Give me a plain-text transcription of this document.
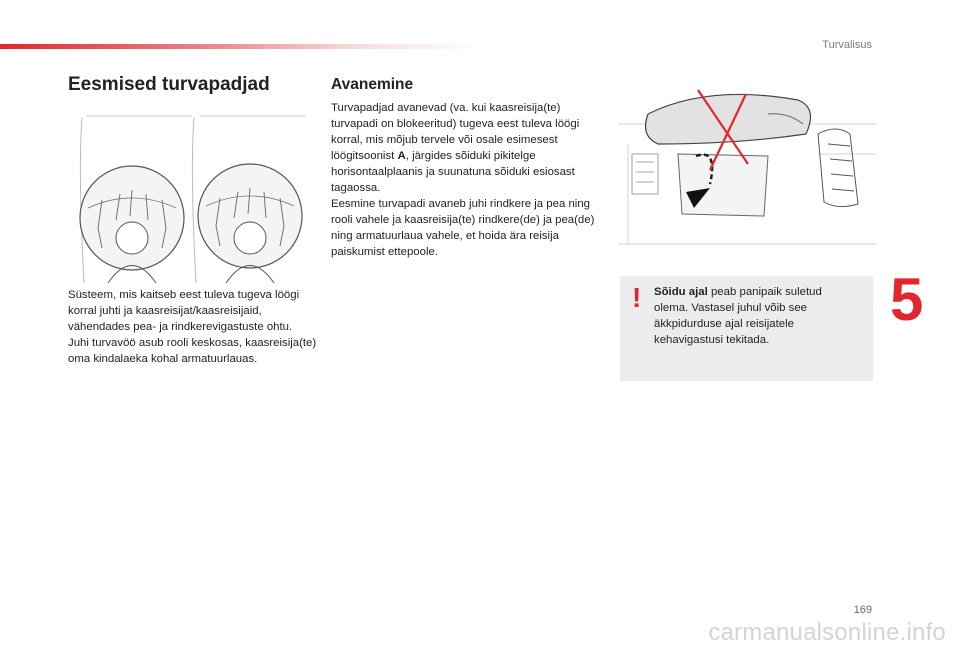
Turvalisus
Eesmised turvapadjad
Süsteem, mis kaitseb eest tuleva tugeva löögi korral juhti ja kaasreisijat/kaasreisijaid, vähendades pea- ja rindkerevigastuste ohtu.
Juhi turvavöö asub rooli keskosas, kaasreisija(te) oma kindalaeka kohal armatuurlauas.
Avanemine

Turvapadjad avanevad (va. kui kaasreisija(te) turvapadi on blokeeritud) tugeva eest tuleva löögi korral, mis mõjub tervele või osale esimesest löögitsoonist A, järgides sõiduki pikitelge horisontaalplaanis ja suunatuna sõiduki esiosast tagaossa.

Eesmine turvapadi avaneb juhi rindkere ja pea ning rooli vahele ja kaasreisija(te) rindkere(de) ja pea(de) ning armatuurlaua vahele, et hoida ära reisija paiskumist ettepoole.

! Sõidu ajal peab panipaik suletud olema. Vastasel juhul võib see äkkpidurduse ajal reisijatele kehavigastusi tekitada.

5
169
carmanualsonline.info
